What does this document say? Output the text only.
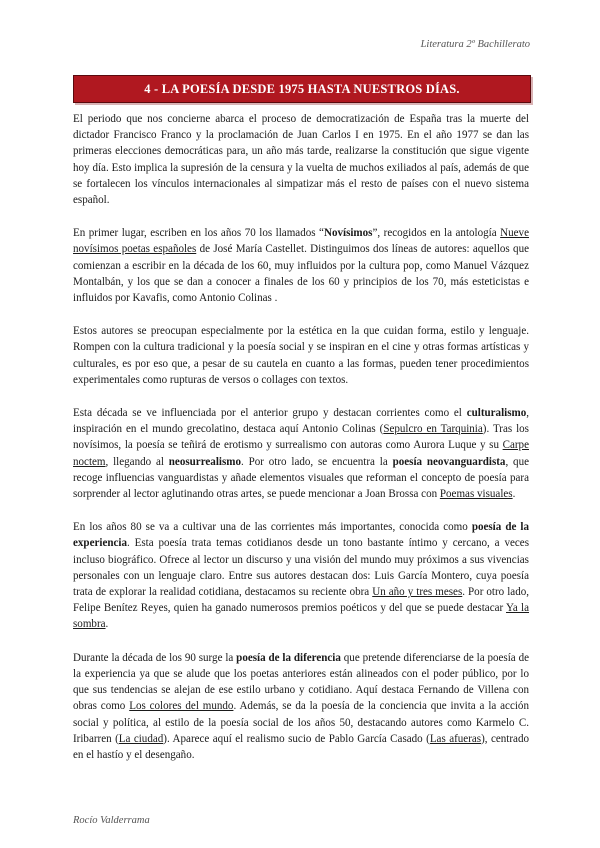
Literatura 2º Bachillerato
4 - LA POESÍA DESDE 1975 HASTA NUESTROS DÍAS.

El periodo que nos concierne abarca el proceso de democratización de España tras la muerte del dictador Francisco Franco y la proclamación de Juan Carlos I en 1975. En el año 1977 se dan las primeras elecciones democráticas para, un año más tarde, realizarse la constitución que sigue vigente hoy día. Esto implica la supresión de la censura y la vuelta de muchos exiliados al país, además de que se fortalecen los vínculos internacionales al simpatizar más el resto de países con el nuevo sistema español.

En primer lugar, escriben en los años 70 los llamados “Novísimos”, recogidos en la antología Nueve novísimos poetas españoles de José María Castellet. Distinguimos dos líneas de autores: aquellos que comienzan a escribir en la década de los 60, muy influidos por la cultura pop, como Manuel Vázquez Montalbán, y los que se dan a conocer a finales de los 60 y principios de los 70, más esteticistas e influidos por Kavafis, como Antonio Colinas .

Estos autores se preocupan especialmente por la estética en la que cuidan forma, estilo y lenguaje. Rompen con la cultura tradicional y la poesía social y se inspiran en el cine y otras formas artísticas y culturales, es por eso que, a pesar de su cautela en cuanto a las formas, pueden tener procedimientos experimentales como rupturas de versos o collages con textos.

Esta década se ve influenciada por el anterior grupo y destacan corrientes como el culturalismo, inspiración en el mundo grecolatino, destaca aquí Antonio Colinas (Sepulcro en Tarquinia). Tras los novísimos, la poesía se teñirá de erotismo y surrealismo con autoras como Aurora Luque y su Carpe noctem, llegando al neosurrealismo. Por otro lado, se encuentra la poesía neovanguardista, que recoge influencias vanguardistas y añade elementos visuales que reforman el concepto de poesía para sorprender al lector aglutinando otras artes, se puede mencionar a Joan Brossa con Poemas visuales.

En los años 80 se va a cultivar una de las corrientes más importantes, conocida como poesía de la experiencia. Esta poesía trata temas cotidianos desde un tono bastante íntimo y cercano, a veces incluso biográfico. Ofrece al lector un discurso y una visión del mundo muy próximos a sus vivencias personales con un lenguaje claro. Entre sus autores destacan dos: Luis García Montero, cuya poesía trata de explorar la realidad cotidiana, destacamos su reciente obra Un año y tres meses. Por otro lado, Felipe Benítez Reyes, quien ha ganado numerosos premios poéticos y del que se puede destacar Ya la sombra.

Durante la década de los 90 surge la poesía de la diferencia que pretende diferenciarse de la poesía de la experiencia ya que se alude que los poetas anteriores están alineados con el poder público, por lo que sus tendencias se alejan de ese estilo urbano y cotidiano. Aquí destaca Fernando de Villena con obras como Los colores del mundo. Además, se da la poesía de la conciencia que invita a la acción social y política, al estilo de la poesía social de los años 50, destacando autores como Karmelo C. Iribarren (La ciudad). Aparece aquí el realismo sucio de Pablo García Casado (Las afueras), centrado en el hastío y el desengaño.

Rocío Valderrama
